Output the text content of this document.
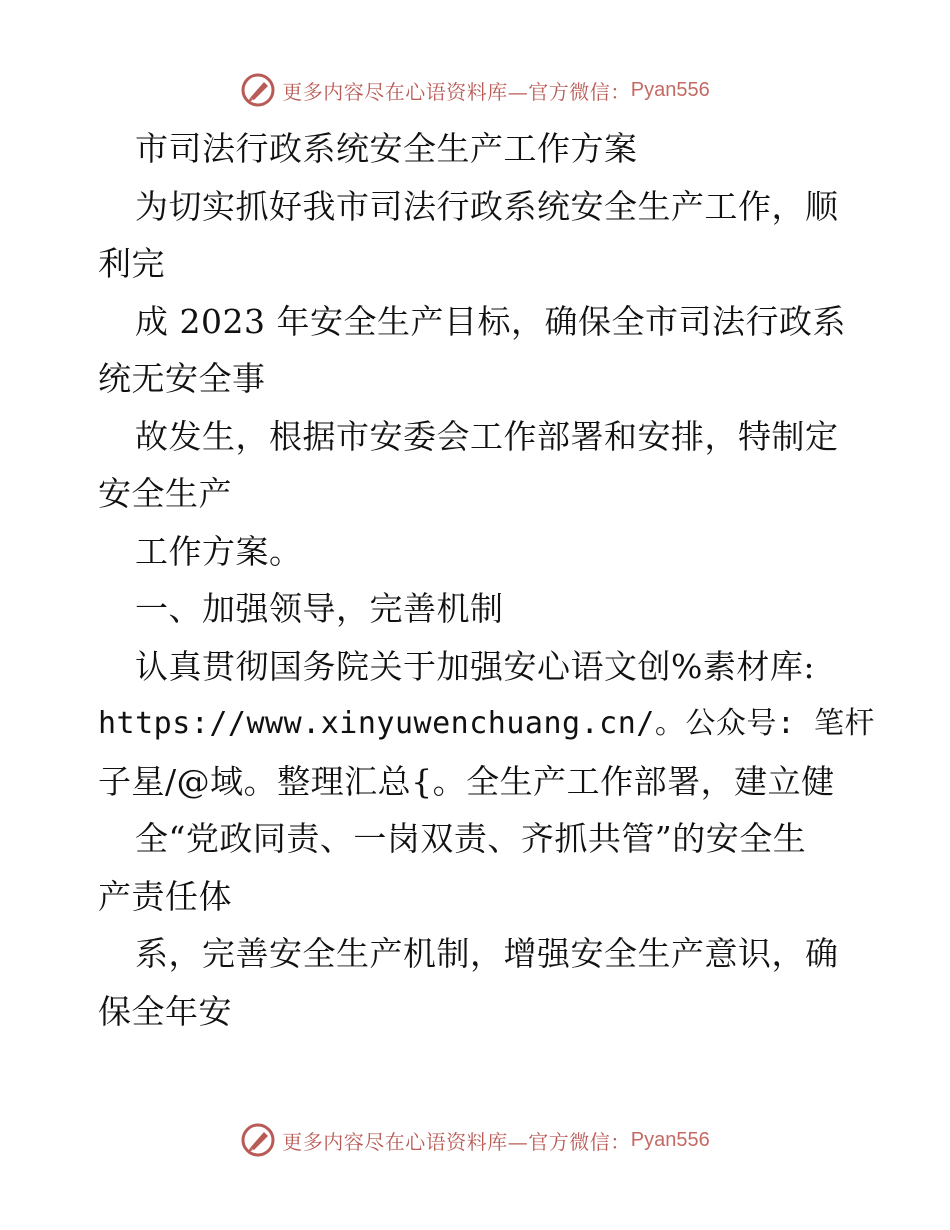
更多内容尽在心语资料库—官方微信： Pyan556
市司法行政系统安全生产工作方案
为切实抓好我市司法行政系统安全生产工作，顺
利完
成 2023 年安全生产目标，确保全市司法行政系
统无安全事
故发生，根据市安委会工作部署和安排，特制定
安全生产
工作方案。
一、加强领导，完善机制
认真贯彻国务院关于加强安心语文创%素材库:
https://www.xinyuwenchuang.cn/。公众号: 笔杆
子星/@域。整理汇总{。全生产工作部署，建立健
全“党政同责、一岗双责、齐抓共管”的安全生
产责任体
系，完善安全生产机制，增强安全生产意识，确
保全年安
更多内容尽在心语资料库—官方微信： Pyan556
